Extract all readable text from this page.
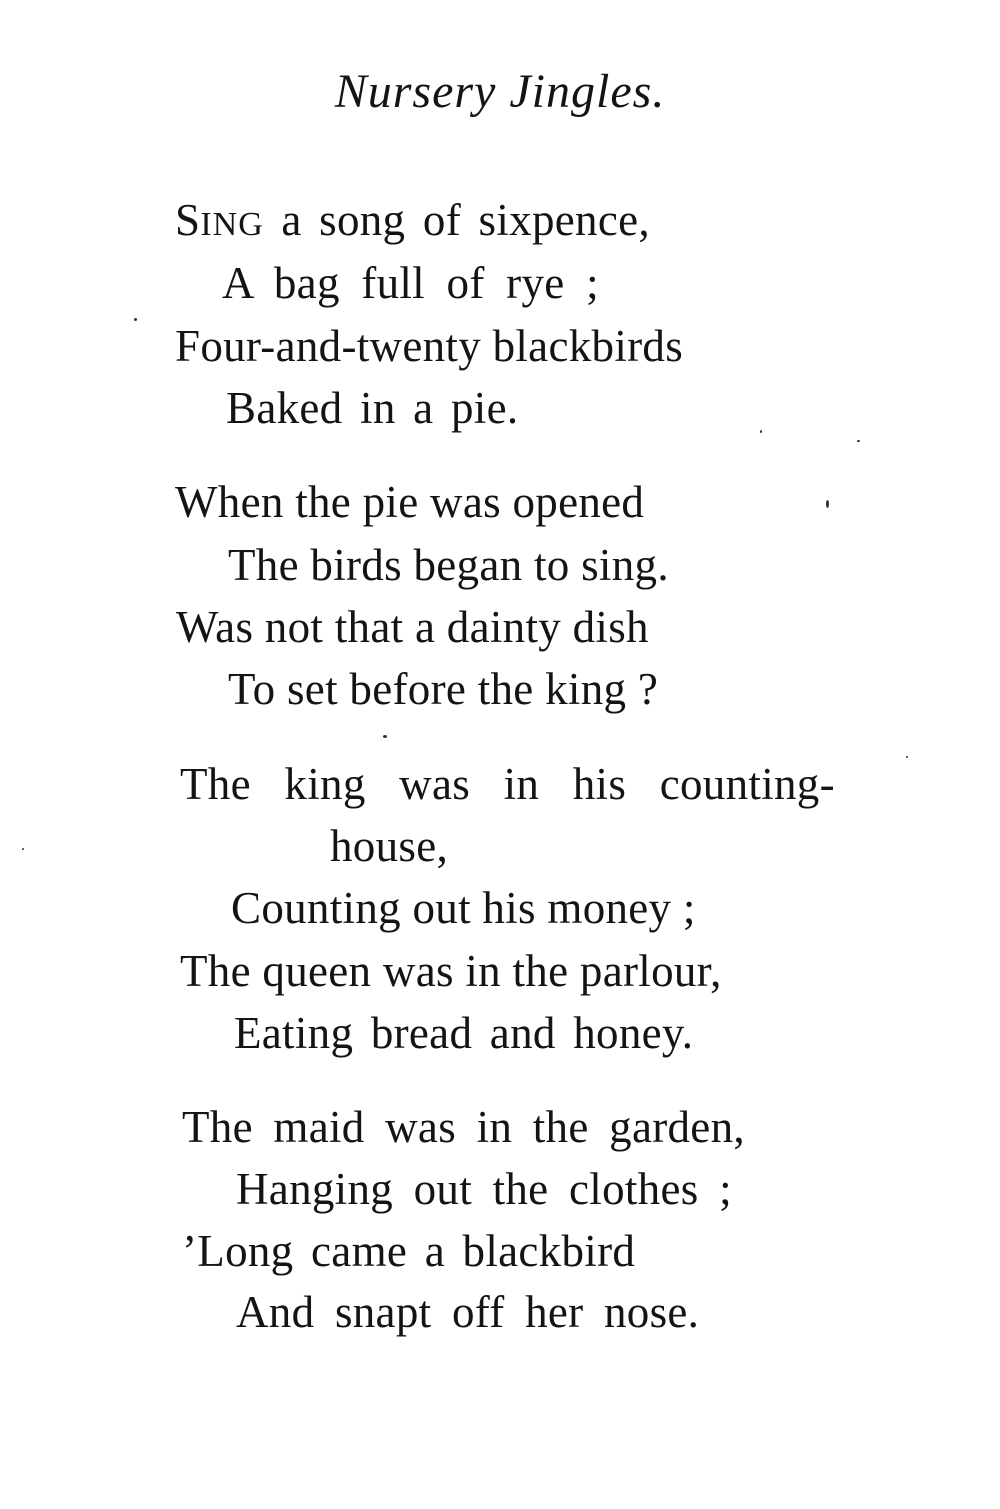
Nursery Jingles.
SING a song of sixpence,
A bag full of rye ;
Four-and-twenty blackbirds
Baked in a pie.
When the pie was opened
The birds began to sing.
Was not that a dainty dish
To set before the king ?
The king was in his counting-
house,
Counting out his money ;
The queen was in the parlour,
Eating bread and honey.
The maid was in the garden,
Hanging out the clothes ;
’Long came a blackbird
And snapt off her nose.
